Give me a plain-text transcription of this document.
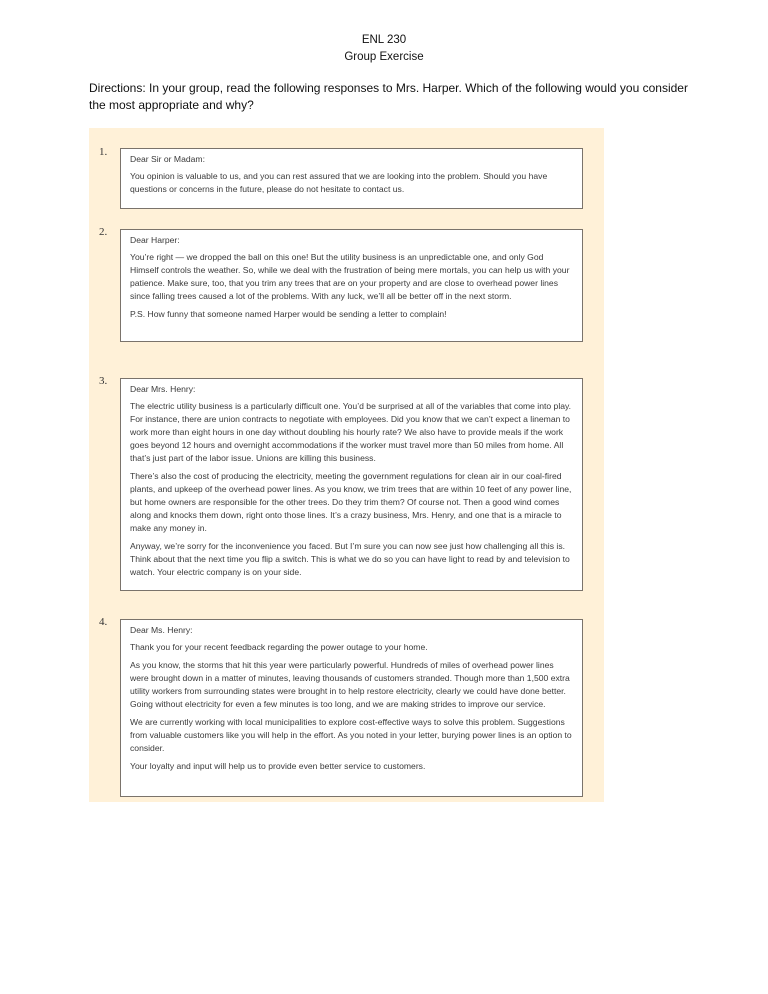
ENL 230
Group Exercise
Directions: In your group, read the following responses to Mrs. Harper. Which of the following would you consider the most appropriate and why?
1.

Dear Sir or Madam:

You opinion is valuable to us, and you can rest assured that we are looking into the problem. Should you have questions or concerns in the future, please do not hesitate to contact us.

2.

Dear Harper:

You’re right — we dropped the ball on this one! But the utility business is an unpredictable one, and only God Himself controls the weather. So, while we deal with the frustration of being mere mortals, you can help us with your patience. Make sure, too, that you trim any trees that are on your property and are close to overhead power lines since falling trees caused a lot of the problems. With any luck, we’ll all be better off in the next storm.

P.S. How funny that someone named Harper would be sending a letter to complain!

3.

Dear Mrs. Henry:

The electric utility business is a particularly difficult one. You’d be surprised at all of the variables that come into play. For instance, there are union contracts to negotiate with employees. Did you know that we can’t expect a lineman to work more than eight hours in one day without doubling his hourly rate? We also have to provide meals if the work goes beyond 12 hours and overnight accommodations if the worker must travel more than 50 miles from home. All that’s just part of the labor issue. Unions are killing this business.

There’s also the cost of producing the electricity, meeting the government regulations for clean air in our coal-fired plants, and upkeep of the overhead power lines. As you know, we trim trees that are within 10 feet of any power line, but home owners are responsible for the other trees. Do they trim them? Of course not. Then a good wind comes along and knocks them down, right onto those lines. It’s a crazy business, Mrs. Henry, and one that is a miracle to make any money in.

Anyway, we’re sorry for the inconvenience you faced. But I’m sure you can now see just how challenging all this is. Think about that the next time you flip a switch. This is what we do so you can have light to read by and television to watch. Your electric company is on your side.

4.

Dear Ms. Henry:

Thank you for your recent feedback regarding the power outage to your home.

As you know, the storms that hit this year were particularly powerful. Hundreds of miles of overhead power lines were brought down in a matter of minutes, leaving thousands of customers stranded. Though more than 1,500 extra utility workers from surrounding states were brought in to help restore electricity, clearly we could have done better. Going without electricity for even a few minutes is too long, and we are making strides to improve our service.

We are currently working with local municipalities to explore cost-effective ways to solve this problem. Suggestions from valuable customers like you will help in the effort. As you noted in your letter, burying power lines is an option to consider.

Your loyalty and input will help us to provide even better service to customers.
